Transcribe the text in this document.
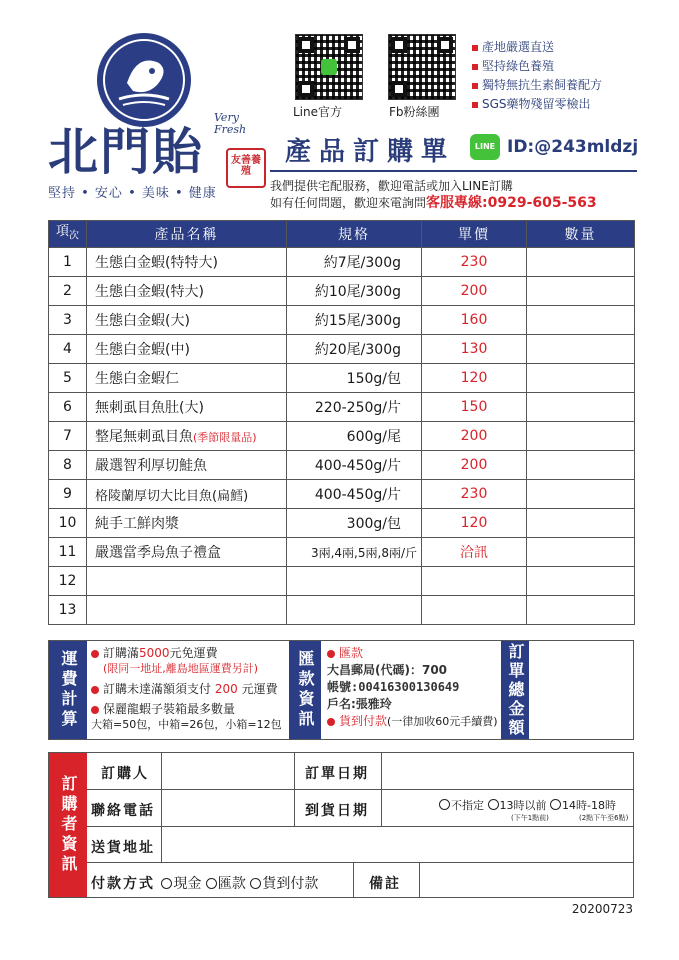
北門貽
Very Fresh
友善養殖
堅持 • 安心 • 美味 • 健康
Line官方	Fb粉絲團
產地嚴選直送
堅持綠色養殖
獨特無抗生素飼養配方
SGS藥物殘留零檢出
產品訂購單	LINE ID:@243mldzj
我們提供宅配服務，歡迎電話或加入LINE訂購
如有任何問題，歡迎來電詢問客服專線:0929-605-563
項$_次$	產品名稱	規格	單價	數量
1	生態白金蝦(特特大)	約7尾/300g	230	
2	生態白金蝦(特大)	約10尾/300g	200	
3	生態白金蝦(大)	約15尾/300g	160	
4	生態白金蝦(中)	約20尾/300g	130	
5	生態白金蝦仁	150g/包	120	
6	無刺虱目魚肚(大)	220-250g/片	150	
7	整尾無刺虱目魚(季節限量品)	600g/尾	200	
8	嚴選智利厚切鮭魚	400-450g/片	200	
9	格陵蘭厚切大比目魚(扁鱈)	400-450g/片	230	
10	純手工鮮肉漿	300g/包	120	
11	嚴選當季烏魚子禮盒	3兩,4兩,5兩,8兩/斤	洽訊	
12				
13				
運費計算	訂購滿5000元免運費
(限同一地址,離島地區運費另計)
訂購未達滿額須支付 200 元運費
保麗龍蝦子裝箱最多數量
大箱=50包，中箱=26包，小箱=12包 匯款資訊	匯款
大昌郵局(代碼)：700
帳號:00416300130649
戶名:張雅玲
貨到付款(一律加收60元手續費) 訂單總金額
訂購者資訊
訂購人	訂單日期
聯絡電話	到貨日期	不指定 13時以前 14時-18時
(下午1點前)	(2點下午至6點)
送貨地址
付款方式 現金 匯款 貨到付款	備註
20200723
